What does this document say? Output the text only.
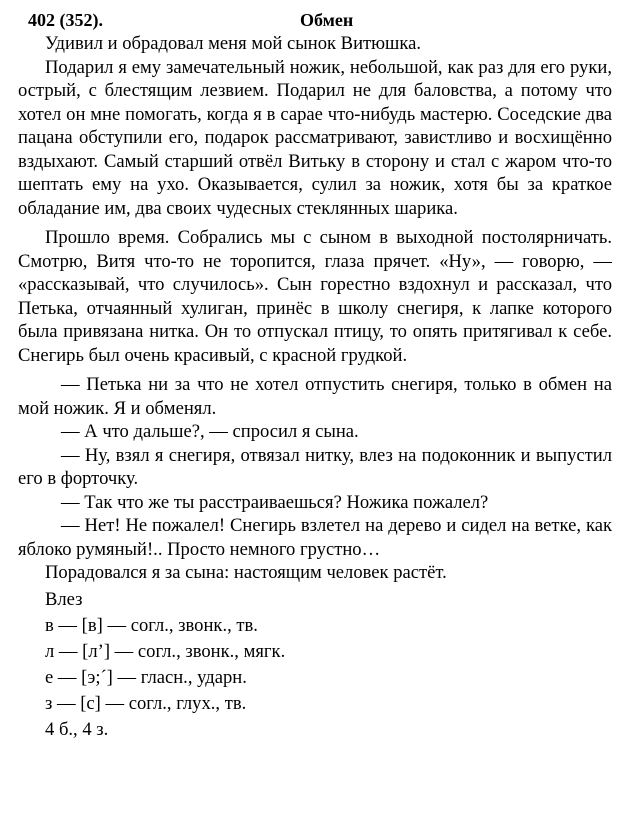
402 (352).	Обмен

Удивил и обрадовал меня мой сынок Витюшка.

Подарил я ему замечательный ножик, небольшой, как раз для его руки, острый, с блестящим лезвием. Подарил не для баловства, а потому что хотел он мне помогать, когда я в сарае что-нибудь мастерю. Соседские два пацана обступили его, подарок рассматривают, завистливо и восхищённо вздыхают. Самый старший отвёл Витьку в сторону и стал с жаром что-то шептать ему на ухо. Оказывается, сулил за ножик, хотя бы за краткое обладание им, два своих чудесных стеклянных шарика.

Прошло время. Собрались мы с сыном в выходной постолярничать. Смотрю, Витя что-то не торопится, глаза прячет. «Ну», — говорю, — «рассказывай, что случилось». Сын горестно вздохнул и рассказал, что Петька, отчаянный хулиган, принёс в школу снегиря, к лапке которого была привязана нитка. Он то отпускал птицу, то опять притягивал к себе. Снегирь был очень красивый, с красной грудкой.

— Петька ни за что не хотел отпустить снегиря, только в обмен на мой ножик. Я и обменял.

— А что дальше?, — спросил я сына.

— Ну, взял я снегиря, отвязал нитку, влез на подоконник и выпустил его в форточку.

— Так что же ты расстраиваешься? Ножика пожалел?

— Нет! Не пожалел! Снегирь взлетел на дерево и сидел на ветке, как яблоко румяный!.. Просто немного грустно…

Порадовался я за сына: настоящим человек растёт.

Влез
в — [в] — согл., звонк., тв.
л — [л’] — согл., звонк., мягк.
е — [э;´] — гласн., ударн.
з — [с] — согл., глух., тв.
4 б., 4 з.
